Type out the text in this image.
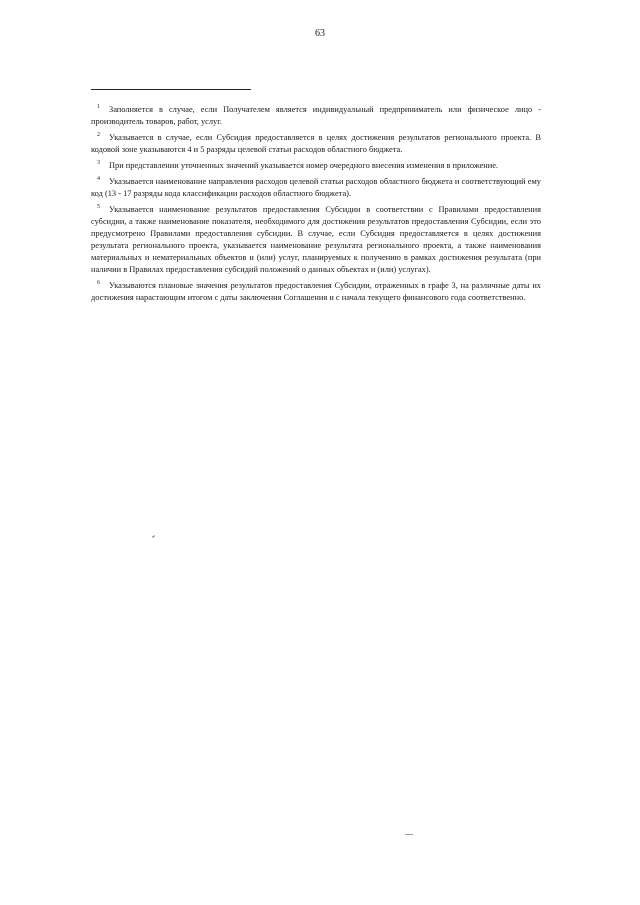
63

1 Заполняется в случае, если Получателем является индивидуальный предприниматель или физическое лицо - производитель товаров, работ, услуг.

2 Указывается в случае, если Субсидия предоставляется в целях достижения результатов регионального проекта. В кодовой зоне указываются 4 и 5 разряды целевой статьи расходов областного бюджета.

3 При представлении уточненных значений указывается номер очередного внесения изменения в приложение.

4 Указывается наименование направления расходов целевой статьи расходов областного бюджета и соответствующий ему код (13 - 17 разряды кода классификации расходов областного бюджета).

5 Указывается наименование результатов предоставления Субсидии в соответствии с Правилами предоставления субсидии, а также наименование показателя, необходимого для достижения результатов предоставления Субсидии, если это предусмотрено Правилами предоставления субсидии. В случае, если Субсидия предоставляется в целях достижения результата регионального проекта, указывается наименование результата регионального проекта, а также наименования материальных и нематериальных объектов и (или) услуг, планируемых к получению в рамках достижения результата (при наличии в Правилах предоставления субсидий положений о данных объектах и (или) услугах).

6 Указываются плановые значения результатов предоставления Субсидии, отраженных в графе 3, на различные даты их достижения нарастающим итогом с даты заключения Соглашения и с начала текущего финансового года соответственно.
